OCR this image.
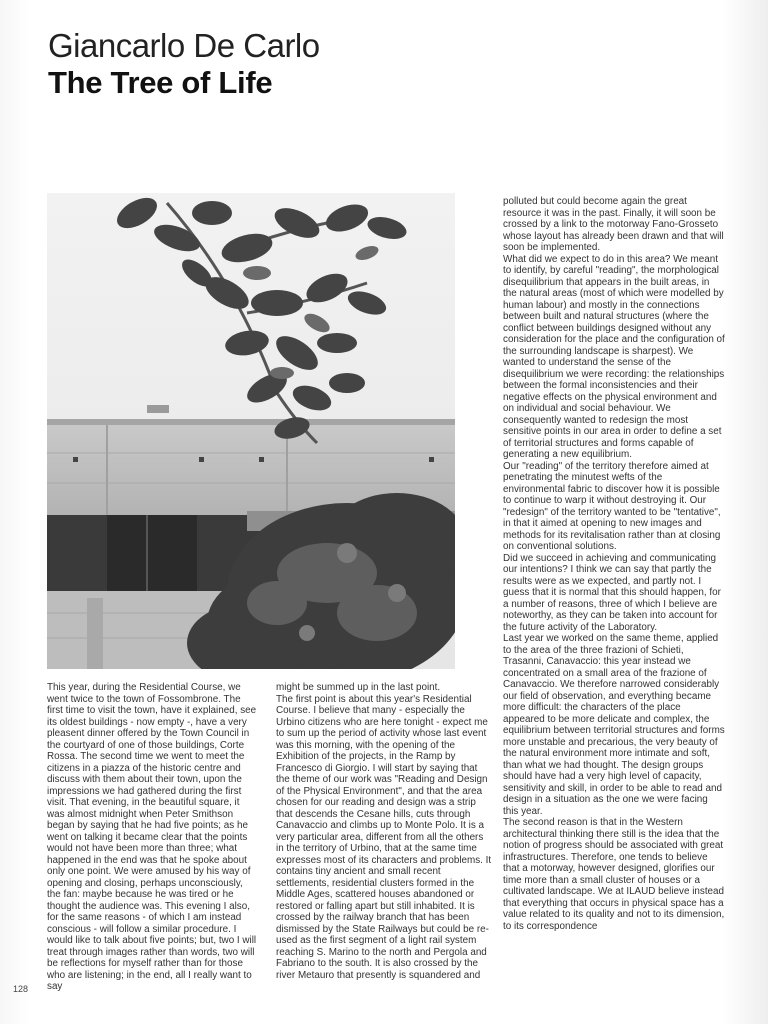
Giancarlo De Carlo
The Tree of Life

This year, during the Residential Course, we went twice to the town of Fossombrone. The first time to visit the town, have it explained, see its oldest buildings - now empty -, have a very pleasent dinner offered by the Town Council in the courtyard of one of those buildings, Corte Rossa. The second time we went to meet the citizens in a piazza of the historic centre and discuss with them about their town, upon the impressions we had gathered during the first visit. That evening, in the beautiful square, it was almost midnight when Peter Smithson began by saying that he had five points; as he went on talking it became clear that the points would not have been more than three; what happened in the end was that he spoke about only one point. We were amused by his way of opening and closing, perhaps unconsciously, the fan: maybe because he was tired or he thought the audience was. This evening I also, for the same reasons - of which I am instead conscious - will follow a similar procedure. I would like to talk about five points; but, two I will treat through images rather than words, two will be reflections for myself rather than for those who are listening; in the end, all I really want to say

might be summed up in the last point.

The first point is about this year's Residential Course. I believe that many - especially the Urbino citizens who are here tonight - expect me to sum up the period of activity whose last event was this morning, with the opening of the Exhibition of the projects, in the Ramp by Francesco di Giorgio. I will start by saying that the theme of our work was "Reading and Design of the Physical Environment", and that the area chosen for our reading and design was a strip that descends the Cesane hills, cuts through Canavaccio and climbs up to Monte Polo. It is a very particular area, different from all the others in the territory of Urbino, that at the same time expresses most of its characters and problems. It contains tiny ancient and small recent settlements, residential clusters formed in the Middle Ages, scattered houses abandoned or restored or falling apart but still inhabited. It is crossed by the railway branch that has been dismissed by the State Railways but could be re-used as the first segment of a light rail system reaching S. Marino to the north and Pergola and Fabriano to the south. It is also crossed by the river Metauro that presently is squandered and

polluted but could become again the great resource it was in the past. Finally, it will soon be crossed by a link to the motorway Fano-Grosseto whose layout has already been drawn and that will soon be implemented.

What did we expect to do in this area? We meant to identify, by careful "reading", the morphological disequilibrium that appears in the built areas, in the natural areas (most of which were modelled by human labour) and mostly in the connections between built and natural structures (where the conflict between buildings designed without any consideration for the place and the configuration of the surrounding landscape is sharpest). We wanted to understand the sense of the disequilibrium we were recording: the relationships between the formal inconsistencies and their negative effects on the physical environment and on individual and social behaviour. We consequently wanted to redesign the most sensitive points in our area in order to define a set of territorial structures and forms capable of generating a new equilibrium.

Our "reading" of the territory therefore aimed at penetrating the minutest wefts of the environmental fabric to discover how it is possible to continue to warp it without destroying it. Our "redesign" of the territory wanted to be "tentative", in that it aimed at opening to new images and methods for its revitalisation rather than at closing on conventional solutions.

Did we succeed in achieving and communicating our intentions? I think we can say that partly the results were as we expected, and partly not. I guess that it is normal that this should happen, for a number of reasons, three of which I believe are noteworthy, as they can be taken into account for the future activity of the Laboratory.

Last year we worked on the same theme, applied to the area of the three frazioni of Schieti, Trasanni, Canavaccio: this year instead we concentrated on a small area of the frazione of Canavaccio. We therefore narrowed considerably our field of observation, and everything became more difficult: the characters of the place appeared to be more delicate and complex, the equilibrium between territorial structures and forms more unstable and precarious, the very beauty of the natural environment more intimate and soft, than what we had thought. The design groups should have had a very high level of capacity, sensitivity and skill, in order to be able to read and design in a situation as the one we were facing this year.

The second reason is that in the Western architectural thinking there still is the idea that the notion of progress should be associated with great infrastructures. Therefore, one tends to believe that a motorway, however designed, glorifies our time more than a small cluster of houses or a cultivated landscape. We at ILAUD believe instead that everything that occurs in physical space has a value related to its quality and not to its dimension, to its correspondence

128
